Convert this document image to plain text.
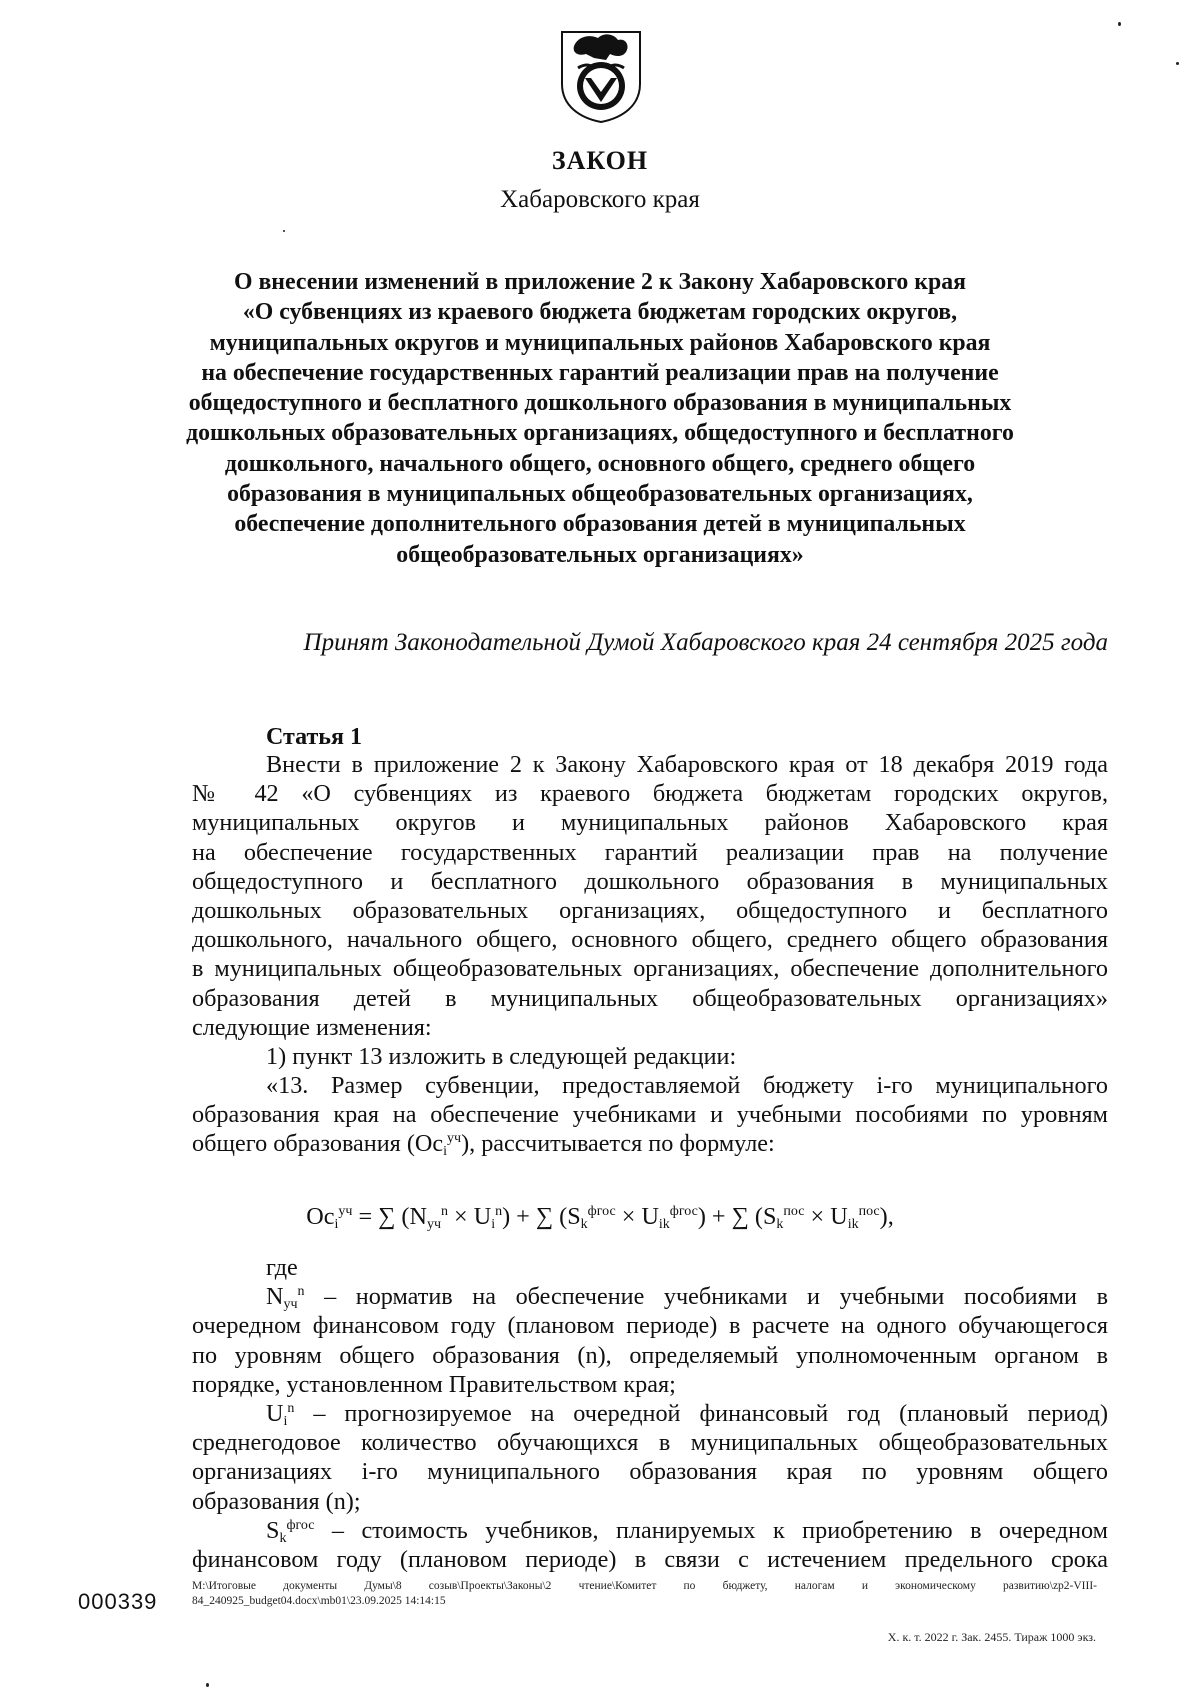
ЗАКОН
Хабаровского края
О внесении изменений в приложение 2 к Закону Хабаровского края
«О субвенциях из краевого бюджета бюджетам городских округов,
муниципальных округов и муниципальных районов Хабаровского края
на обеспечение государственных гарантий реализации прав на получение
общедоступного и бесплатного дошкольного образования в муниципальных
дошкольных образовательных организациях, общедоступного и бесплатного
дошкольного, начального общего, основного общего, среднего общего
образования в муниципальных общеобразовательных организациях,
обеспечение дополнительного образования детей в муниципальных
общеобразовательных организациях»
Принят Законодательной Думой Хабаровского края 24 сентября 2025 года
Статья 1
Внести в приложение 2 к Закону Хабаровского края от 18 декабря 2019 года
№ 42 «О субвенциях из краевого бюджета бюджетам городских округов,
муниципальных округов и муниципальных районов Хабаровского края
на обеспечение государственных гарантий реализации прав на получение
общедоступного и бесплатного дошкольного образования в муниципальных
дошкольных образовательных организациях, общедоступного и бесплатного
дошкольного, начального общего, основного общего, среднего общего образования
в муниципальных общеобразовательных организациях, обеспечение дополнительного
образования детей в муниципальных общеобразовательных организациях»
следующие изменения:
1) пункт 13 изложить в следующей редакции:
«13. Размер субвенции, предоставляемой бюджету i-го муниципального
образования края на обеспечение учебниками и учебными пособиями по уровням
общего образования $(Ос_i^{уч})$, рассчитывается по формуле:
$Ос_i^{уч}$ = ∑ $(N_{уч}^n \times U_i^n)$ + ∑ $(S_k^{фгос} \times U_{ik}^{фгос})$ + ∑ $(S_k^{пос} \times U_{ik}^{пос})$,
где
$N_{уч}^n$ – норматив на обеспечение учебниками и учебными пособиями в
очередном финансовом году (плановом периоде) в расчете на одного обучающегося
по уровням общего образования (n), определяемый уполномоченным органом в
порядке, установленном Правительством края;
$U_i^n$ – прогнозируемое на очередной финансовый год (плановый период)
среднегодовое количество обучающихся в муниципальных общеобразовательных
организациях i-го муниципального образования края по уровням общего
образования (n);
$S_k^{фгос}$ – стоимость учебников, планируемых к приобретению в очередном
финансовом году (плановом периоде) в связи с истечением предельного срока
000339
M:\Итоговые документы Думы\8 созыв\Проекты\Законы\2 чтение\Комитет по бюджету, налогам и экономическому развитию\zp2-VIII-
84_240925_budget04.docx\mb01\23.09.2025 14:14:15
Х. к. т. 2022 г. Зак. 2455. Тираж 1000 экз.
